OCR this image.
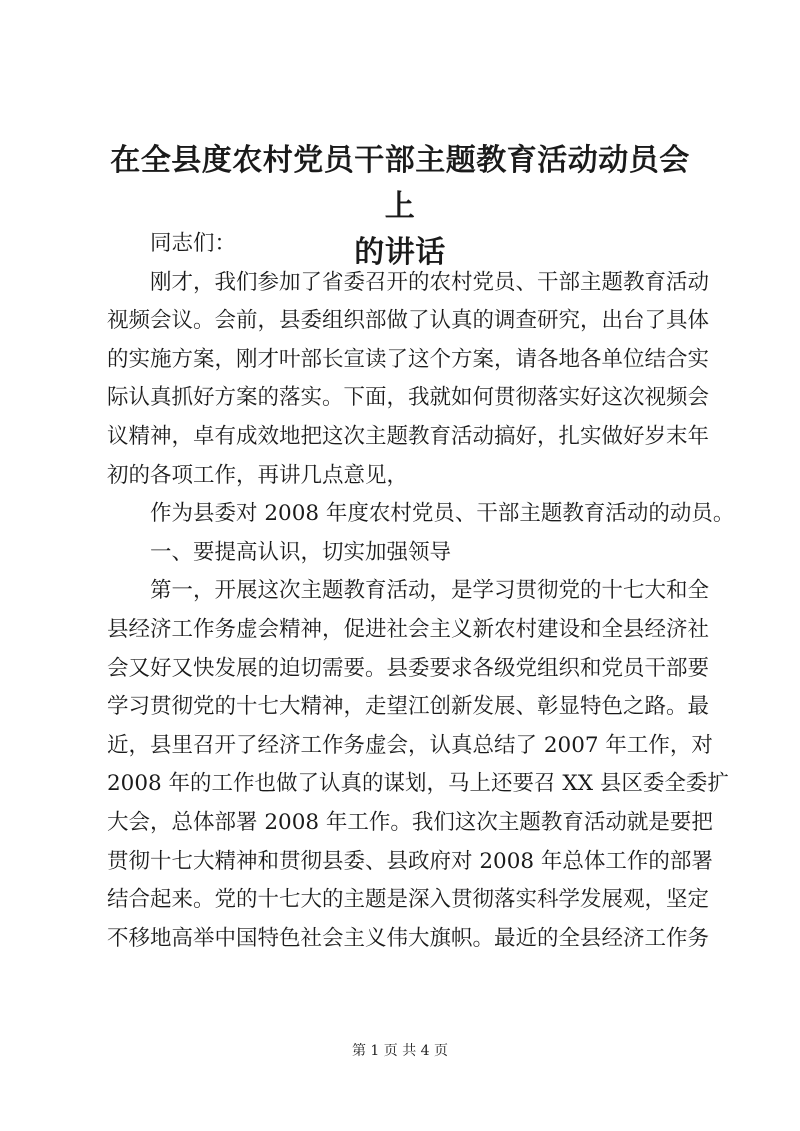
在全县度农村党员干部主题教育活动动员会上
的讲话
同志们：
刚才，我们参加了省委召开的农村党员、干部主题教育活动
视频会议。会前，县委组织部做了认真的调查研究，出台了具体
的实施方案，刚才叶部长宣读了这个方案，请各地各单位结合实
际认真抓好方案的落实。下面，我就如何贯彻落实好这次视频会
议精神，卓有成效地把这次主题教育活动搞好，扎实做好岁末年
初的各项工作，再讲几点意见，
作为县委对 2008 年度农村党员、干部主题教育活动的动员。
一、要提高认识，切实加强领导
第一，开展这次主题教育活动，是学习贯彻党的十七大和全
县经济工作务虚会精神，促进社会主义新农村建设和全县经济社
会又好又快发展的迫切需要。县委要求各级党组织和党员干部要
学习贯彻党的十七大精神，走望江创新发展、彰显特色之路。最
近，县里召开了经济工作务虚会，认真总结了 2007 年工作，对
2008 年的工作也做了认真的谋划，马上还要召 XX 县区委全委扩
大会，总体部署 2008 年工作。我们这次主题教育活动就是要把
贯彻十七大精神和贯彻县委、县政府对 2008 年总体工作的部署
结合起来。党的十七大的主题是深入贯彻落实科学发展观，坚定
不移地高举中国特色社会主义伟大旗帜。最近的全县经济工作务
第 1 页 共 4 页
